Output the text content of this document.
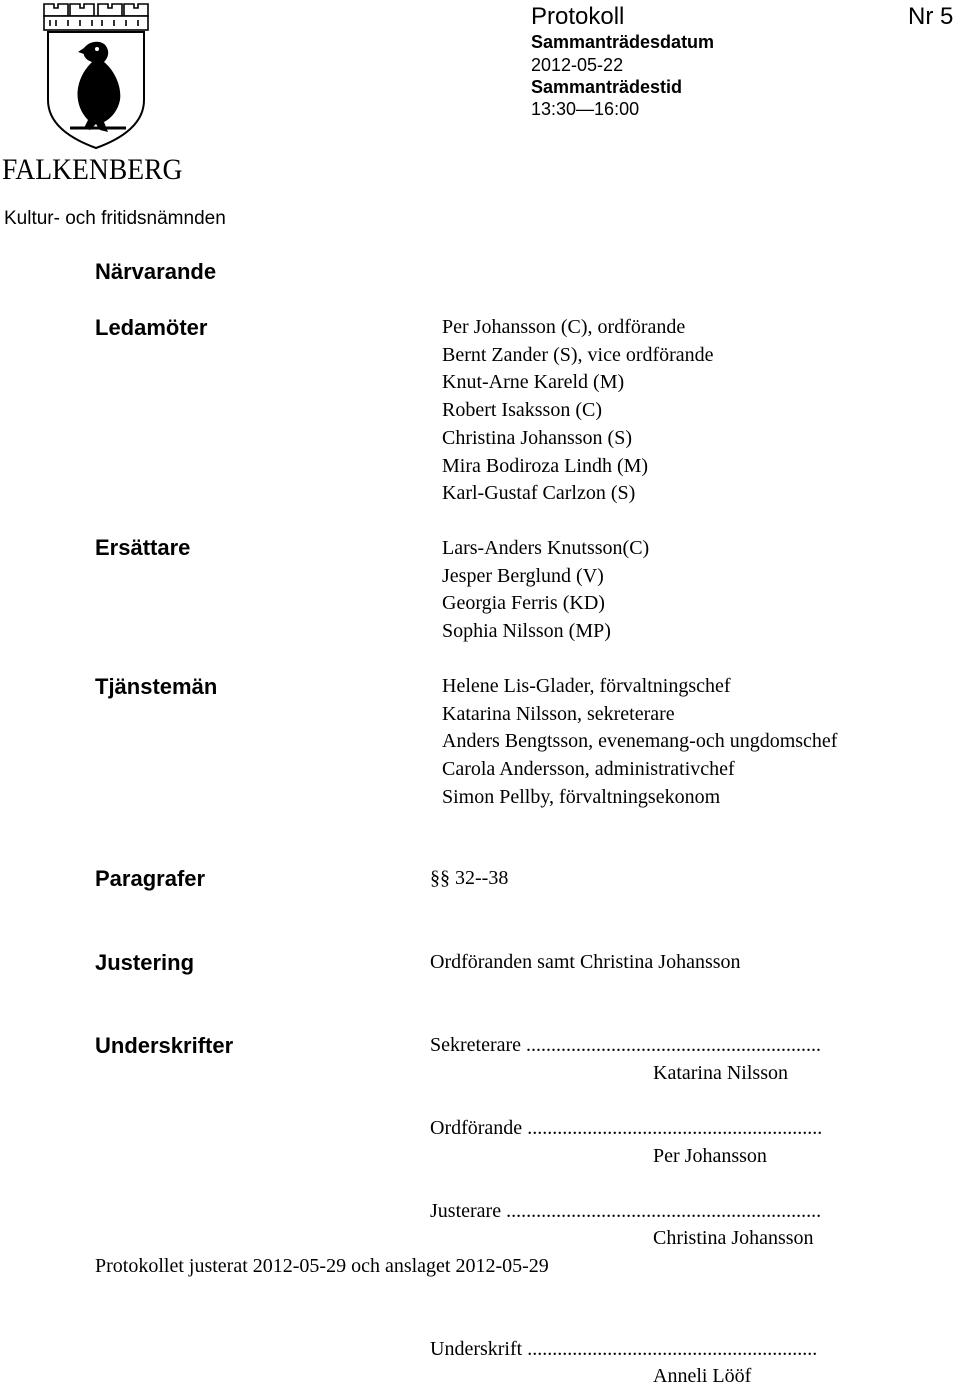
FALKENBERG
Kultur- och fritidsnämnden
Protokoll	Nr 5
Sammanträdesdatum
2012-05-22
Sammanträdestid
13:30—16:00
Närvarande
Ledamöter	Per Johansson (C), ordförande
Bernt Zander (S), vice ordförande
Knut-Arne Kareld (M)
Robert Isaksson (C)
Christina Johansson (S)
Mira Bodiroza Lindh (M)
Karl-Gustaf Carlzon (S)
Ersättare	Lars-Anders Knutsson(C)
Jesper Berglund (V)
Georgia Ferris (KD)
Sophia Nilsson (MP)
Tjänstemän	Helene Lis-Glader, förvaltningschef
Katarina Nilsson, sekreterare
Anders Bengtsson, evenemang-och ungdomschef
Carola Andersson, administrativchef
Simon Pellby, förvaltningsekonom
Paragrafer	§§ 32--38
Justering	Ordföranden samt Christina Johansson
Underskrifter	Sekreterare ...........................................................
Katarina Nilsson
Ordförande ...........................................................
Per Johansson
Justerare ...............................................................
Christina Johansson
Protokollet justerat 2012-05-29 och anslaget 2012-05-29
Underskrift ..........................................................
Anneli Lööf
